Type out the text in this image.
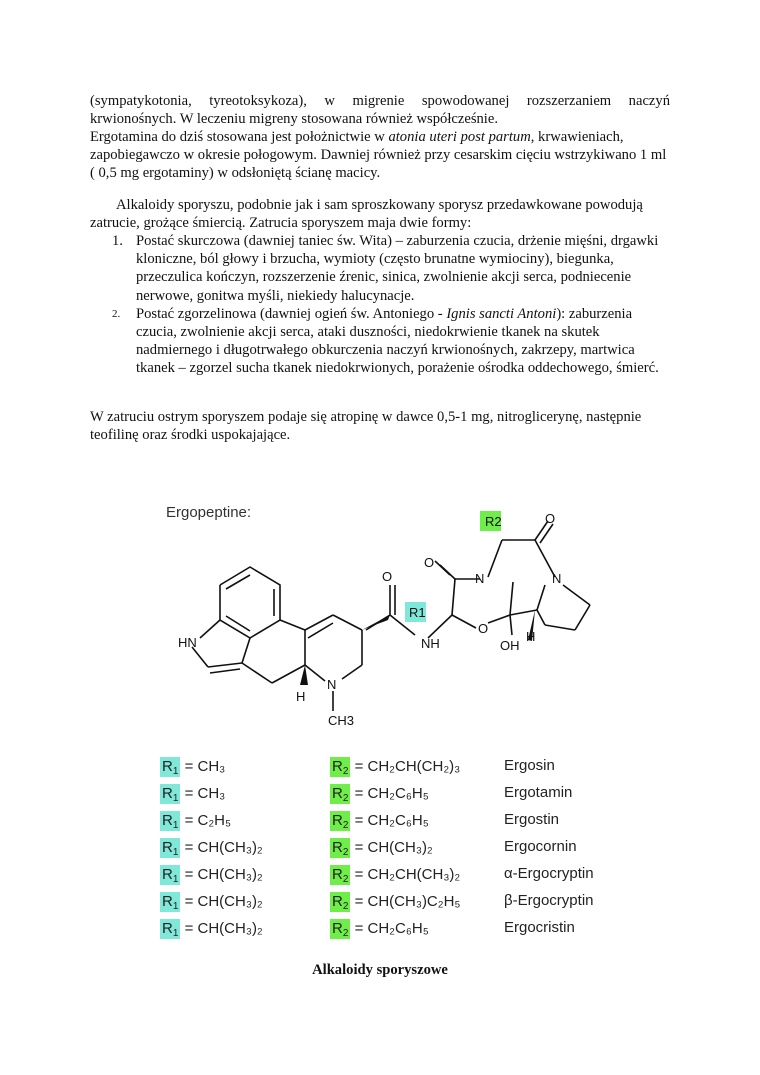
(sympatykotonia, tyreotoksykoza), w migrenie spowodowanej rozszerzaniem naczyń krwionośnych. W leczeniu migreny stosowana również współcześnie.
Ergotamina do dziś stosowana jest położnictwie w atonia uteri post partum, krwawieniach, zapobiegawczo w okresie połogowym. Dawniej również przy cesarskim cięciu wstrzykiwano 1 ml ( 0,5 mg ergotaminy) w odsłoniętą ścianę macicy.
Alkaloidy sporyszu, podobnie jak i sam sproszkowany sporysz przedawkowane powodują zatrucie, grożące śmiercią. Zatrucia sporyszem maja dwie formy:
1. Postać skurczowa (dawniej taniec św. Wita) – zaburzenia czucia, drżenie mięśni, drgawki kloniczne, ból głowy i brzucha, wymioty (często brunatne wymiociny), biegunka, przeczulica kończyn, rozszerzenie źrenic, sinica, zwolnienie akcji serca, podniecenie nerwowe, gonitwa myśli, niekiedy halucynacje.
2. Postać zgorzelinowa (dawniej ogień św. Antoniego - Ignis sancti Antoni): zaburzenia czucia, zwolnienie akcji serca, ataki duszności, niedokrwienie tkanek na skutek nadmiernego i długotrwałego obkurczenia naczyń krwionośnych, zakrzepy, martwica tkanek – zgorzel sucha tkanek niedokrwionych, porażenie ośrodka oddechowego, śmierć.
W zatruciu ostrym sporyszem podaje się atropinę w dawce 0,5-1 mg, nitroglicerynę, następnie teofilinę oraz środki uspokajające.
Ergopeptine:
R2
R1
HN
N
H
CH3
O
NH
O
N
O
O
N
OH
H
$R_1 = CH_3$	$R_2 = CH_2CH(CH_2)_3$	Ergosin
$R_1 = CH_3$	$R_2 = CH_2C_6H_5$	Ergotamin
$R_1 = C_2H_5$	$R_2 = CH_2C_6H_5$	Ergostin
$R_1 = CH(CH_3)_2$	$R_2 = CH(CH_3)_2$	Ergocornin
$R_1 = CH(CH_3)_2$	$R_2 = CH_2CH(CH_3)_2$	α-Ergocryptin
$R_1 = CH(CH_3)_2$	$R_2 = CH(CH_3)C_2H_5$	β-Ergocryptin
$R_1 = CH(CH_3)_2$	$R_2 = CH_2C_6H_5$	Ergocristin
Alkaloidy sporyszowe
